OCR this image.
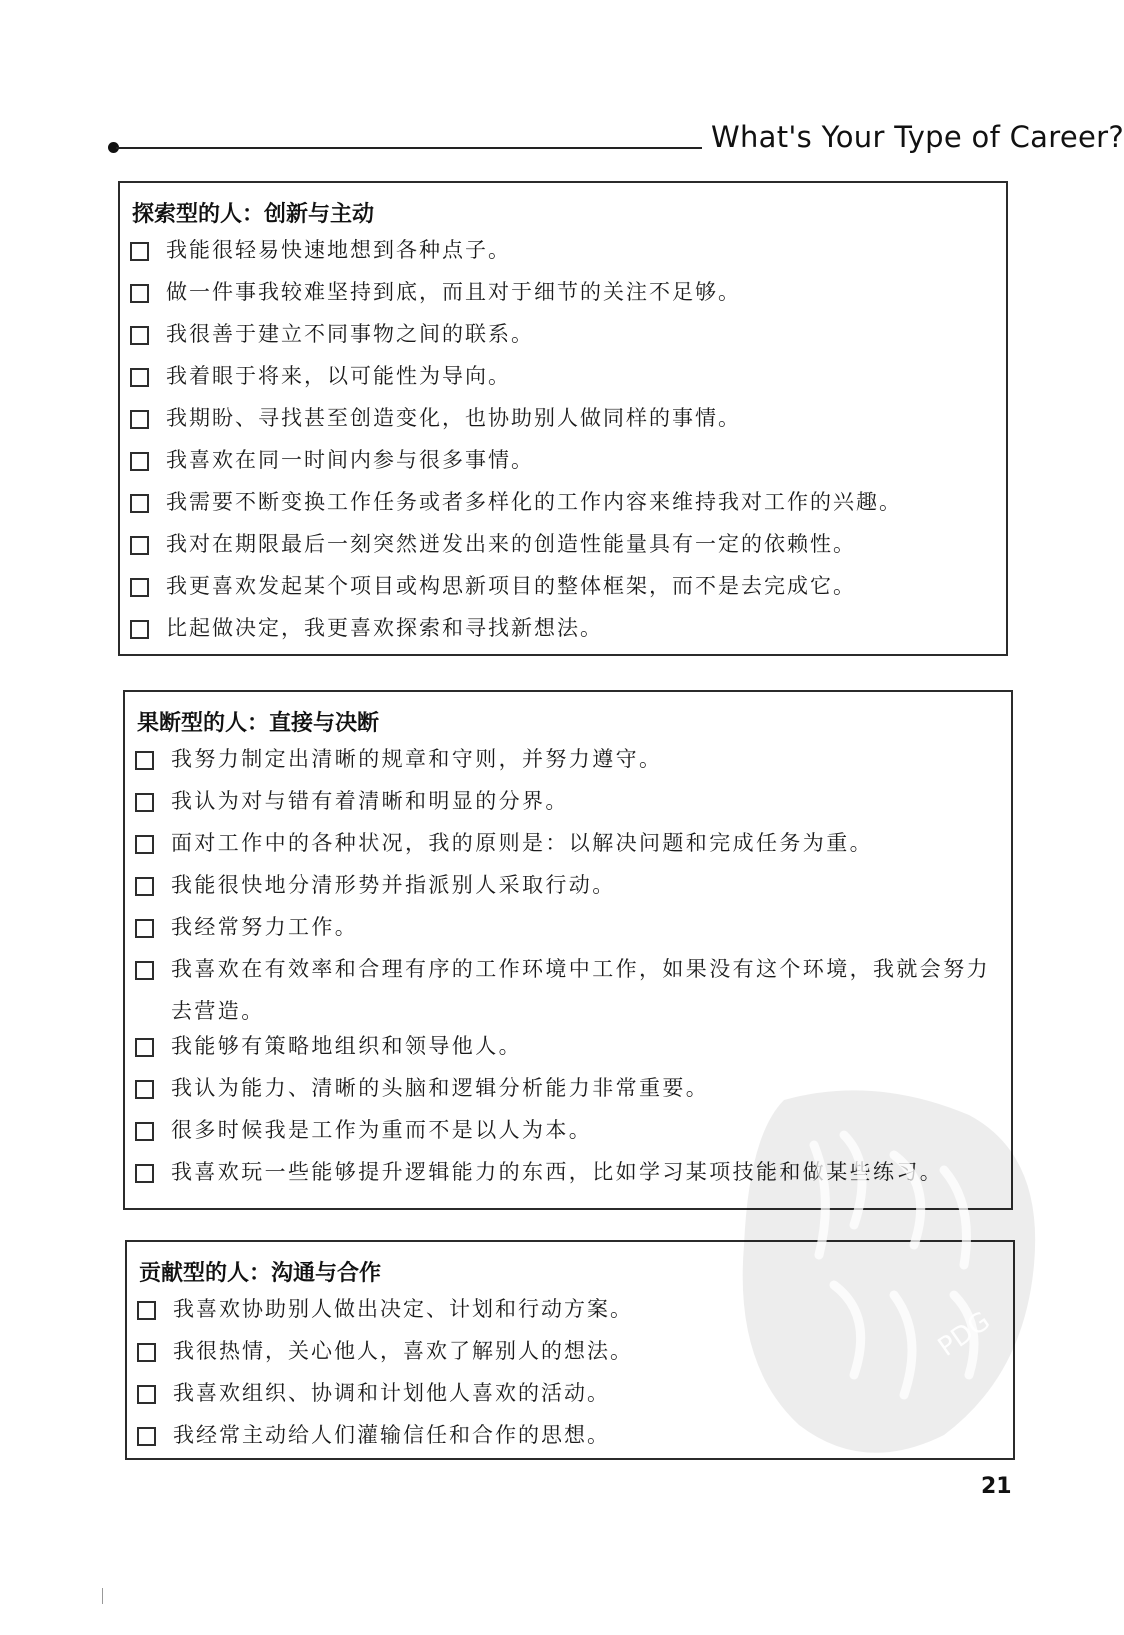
What's Your Type of Career?
探索型的人：创新与主动
我能很轻易快速地想到各种点子。
做一件事我较难坚持到底，而且对于细节的关注不足够。
我很善于建立不同事物之间的联系。
我着眼于将来，以可能性为导向。
我期盼、寻找甚至创造变化，也协助别人做同样的事情。
我喜欢在同一时间内参与很多事情。
我需要不断变换工作任务或者多样化的工作内容来维持我对工作的兴趣。
我对在期限最后一刻突然迸发出来的创造性能量具有一定的依赖性。
我更喜欢发起某个项目或构思新项目的整体框架，而不是去完成它。
比起做决定，我更喜欢探索和寻找新想法。
果断型的人：直接与决断
我努力制定出清晰的规章和守则，并努力遵守。
我认为对与错有着清晰和明显的分界。
面对工作中的各种状况，我的原则是：以解决问题和完成任务为重。
我能很快地分清形势并指派别人采取行动。
我经常努力工作。
我喜欢在有效率和合理有序的工作环境中工作，如果没有这个环境，我就会努力去营造。
我能够有策略地组织和领导他人。
我认为能力、清晰的头脑和逻辑分析能力非常重要。
很多时候我是工作为重而不是以人为本。
我喜欢玩一些能够提升逻辑能力的东西，比如学习某项技能和做某些练习。
贡献型的人：沟通与合作
我喜欢协助别人做出决定、计划和行动方案。
我很热情，关心他人，喜欢了解别人的想法。
我喜欢组织、协调和计划他人喜欢的活动。
我经常主动给人们灌输信任和合作的思想。
PDG
21
